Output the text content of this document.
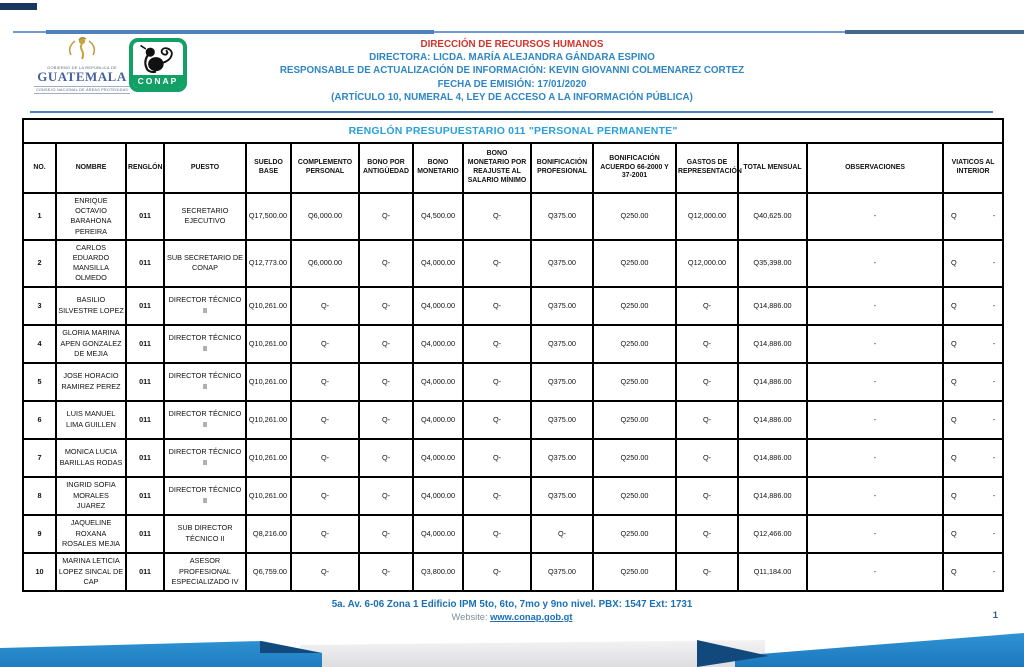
GOBIERNO DE LA REPÚBLICA DE
GUATEMALA
CONSEJO NACIONAL DE ÁREAS PROTEGIDAS
CONAP
DIRECCIÓN DE RECURSOS HUMANOS
DIRECTORA: LICDA. MARÍA ALEJANDRA GÁNDARA ESPINO
RESPONSABLE DE ACTUALIZACIÓN DE INFORMACIÓN: KEVIN GIOVANNI COLMENAREZ CORTEZ
FECHA DE EMISIÓN: 17/01/2020
(ARTÍCULO 10, NUMERAL 4, LEY DE ACCESO A LA INFORMACIÓN PÚBLICA)
RENGLÓN PRESUPUESTARIO 011 "PERSONAL PERMANENTE"														
NO.	NOMBRE	RENGLÓN	PUESTO	SUELDO BASE	COMPLEMENTO PERSONAL	BONO POR ANTIGÜEDAD	BONO MONETARIO	BONO MONETARIO POR REAJUSTE AL SALARIO MÍNIMO	BONIFICACIÓN PROFESIONAL	BONIFICACIÓN ACUERDO 66-2000 Y 37-2001	GASTOS DE REPRESENTACIÓN	TOTAL MENSUAL	OBSERVACIONES	VIATICOS AL INTERIOR
1	ENRIQUE OCTAVIO BARAHONA PEREIRA	011	SECRETARIO EJECUTIVO	Q17,500.00	Q6,000.00	Q-	Q4,500.00	Q-	Q375.00	Q250.00	Q12,000.00	Q40,625.00	-	Q -

2	CARLOS EDUARDO MANSILLA OLMEDO	011	SUB SECRETARIO DE CONAP	Q12,773.00	Q6,000.00	Q-	Q4,000.00	Q-	Q375.00	Q250.00	Q12,000.00	Q35,398.00	-	Q -

3	BASILIO SILVESTRE LOPEZ	011	DIRECTOR TÉCNICO II	Q10,261.00	Q-	Q-	Q4,000.00	Q-	Q375.00	Q250.00	Q-	Q14,886.00	-	Q -

4	GLORIA MARINA APEN GONZALEZ DE MEJIA	011	DIRECTOR TÉCNICO II	Q10,261.00	Q-	Q-	Q4,000.00	Q-	Q375.00	Q250.00	Q-	Q14,886.00	-	Q -

5	JOSE HORACIO RAMIREZ PEREZ	011	DIRECTOR TÉCNICO II	Q10,261.00	Q-	Q-	Q4,000.00	Q-	Q375.00	Q250.00	Q-	Q14,886.00	-	Q -

6	LUIS MANUEL LIMA GUILLEN	011	DIRECTOR TÉCNICO II	Q10,261.00	Q-	Q-	Q4,000.00	Q-	Q375.00	Q250.00	Q-	Q14,886.00	-	Q -

7	MONICA LUCIA BARILLAS RODAS	011	DIRECTOR TÉCNICO II	Q10,261.00	Q-	Q-	Q4,000.00	Q-	Q375.00	Q250.00	Q-	Q14,886.00	-	Q -

8	INGRID SOFIA MORALES JUAREZ	011	DIRECTOR TÉCNICO II	Q10,261.00	Q-	Q-	Q4,000.00	Q-	Q375.00	Q250.00	Q-	Q14,886.00	-	Q -

9	JAQUELINE ROXANA ROSALES MEJIA	011	SUB DIRECTOR TÉCNICO II	Q8,216.00	Q-	Q-	Q4,000.00	Q-	Q-	Q250.00	Q-	Q12,466.00	-	Q -

10	MARINA LETICIA LOPEZ SINCAL DE CAP	011	ASESOR PROFESIONAL ESPECIALIZADO IV	Q6,759.00	Q-	Q-	Q3,800.00	Q-	Q375.00	Q250.00	Q-	Q11,184.00	-	Q -
5a. Av. 6-06 Zona 1 Edificio IPM 5to, 6to, 7mo y 9no nivel. PBX: 1547 Ext: 1731
Website: www.conap.gob.gt	1
